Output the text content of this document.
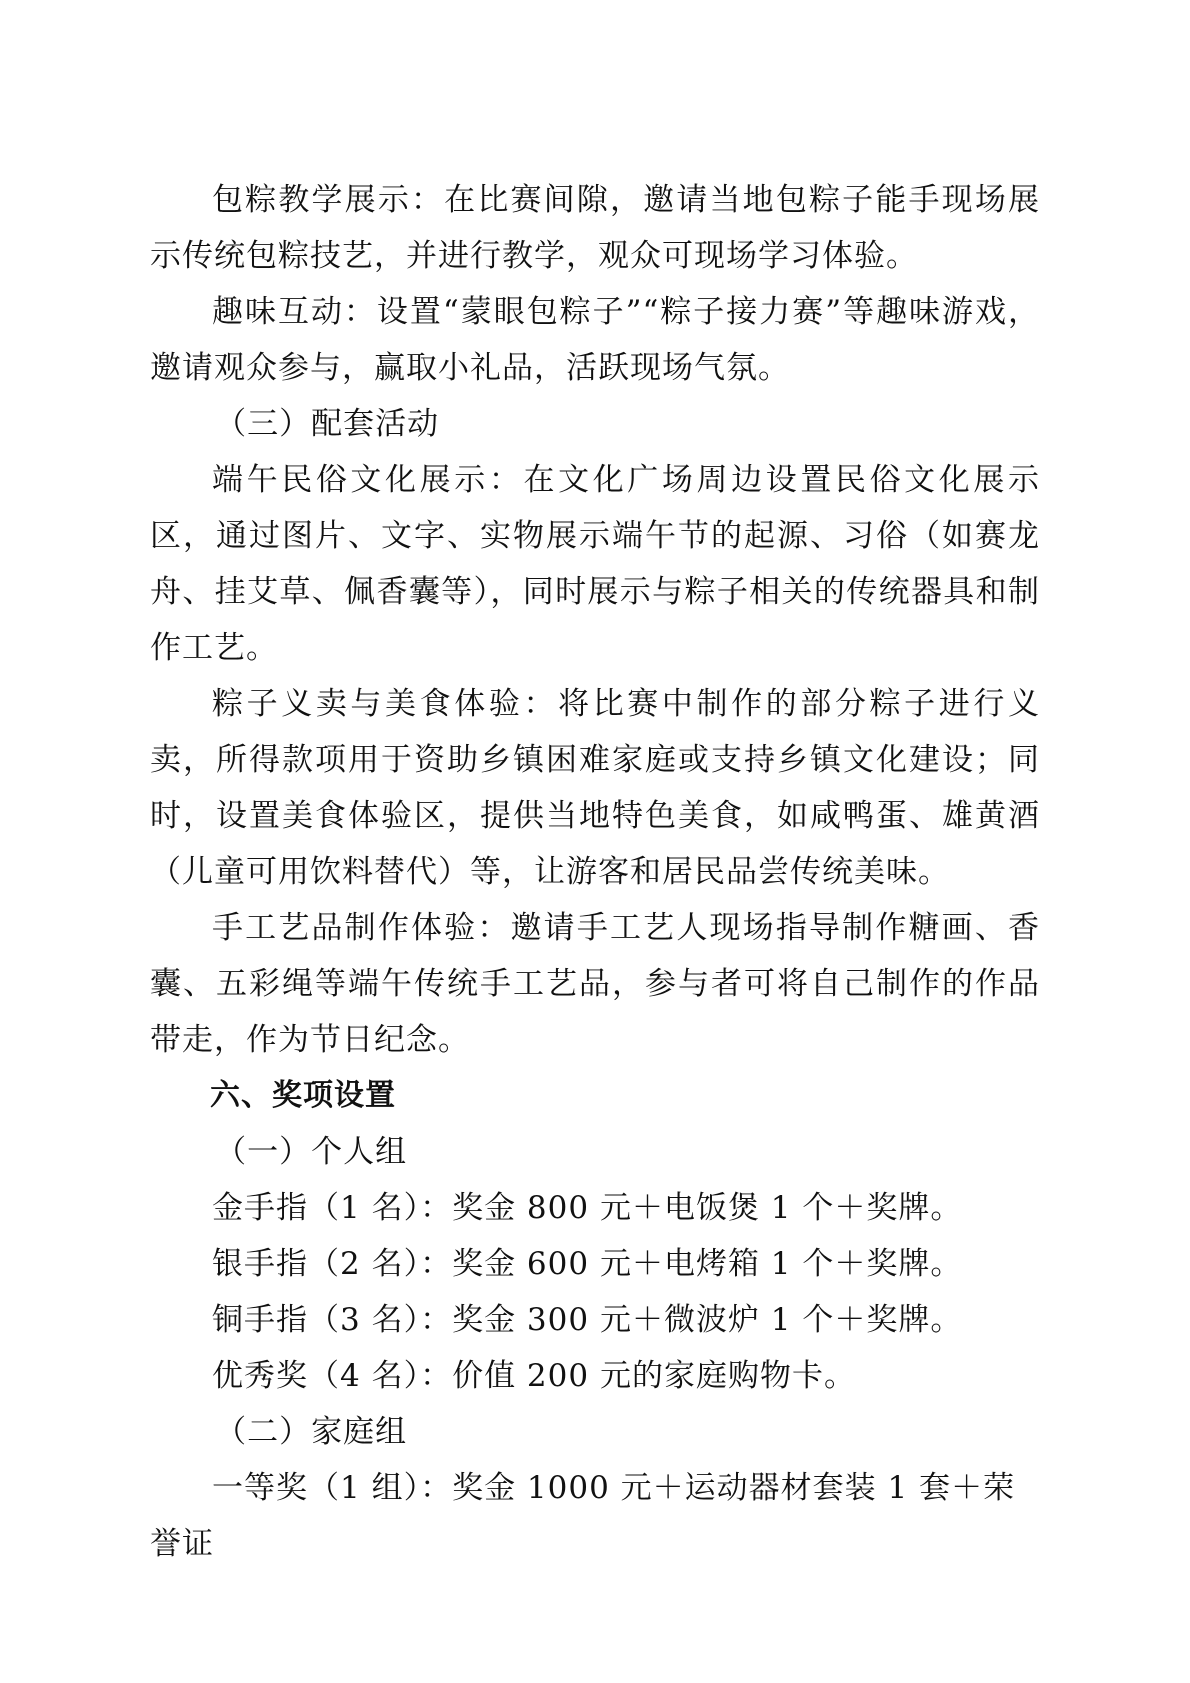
包粽教学展示：在比赛间隙，邀请当地包粽子能手现场展示传统包粽技艺，并进行教学，观众可现场学习体验。

趣味互动：设置“蒙眼包粽子”“粽子接力赛”等趣味游戏，邀请观众参与，赢取小礼品，活跃现场气氛。

（三）配套活动

端午民俗文化展示：在文化广场周边设置民俗文化展示区，通过图片、文字、实物展示端午节的起源、习俗（如赛龙舟、挂艾草、佩香囊等），同时展示与粽子相关的传统器具和制作工艺。

粽子义卖与美食体验：将比赛中制作的部分粽子进行义卖，所得款项用于资助乡镇困难家庭或支持乡镇文化建设；同时，设置美食体验区，提供当地特色美食，如咸鸭蛋、雄黄酒（儿童可用饮料替代）等，让游客和居民品尝传统美味。

手工艺品制作体验：邀请手工艺人现场指导制作糖画、香囊、五彩绳等端午传统手工艺品，参与者可将自己制作的作品带走，作为节日纪念。

六、奖项设置

（一）个人组

金手指（1 名）：奖金 800 元＋电饭煲 1 个＋奖牌。

银手指（2 名）：奖金 600 元＋电烤箱 1 个＋奖牌。

铜手指（3 名）：奖金 300 元＋微波炉 1 个＋奖牌。

优秀奖（4 名）：价值 200 元的家庭购物卡。

（二）家庭组

一等奖（1 组）：奖金 1000 元＋运动器材套装 1 套＋荣誉证
